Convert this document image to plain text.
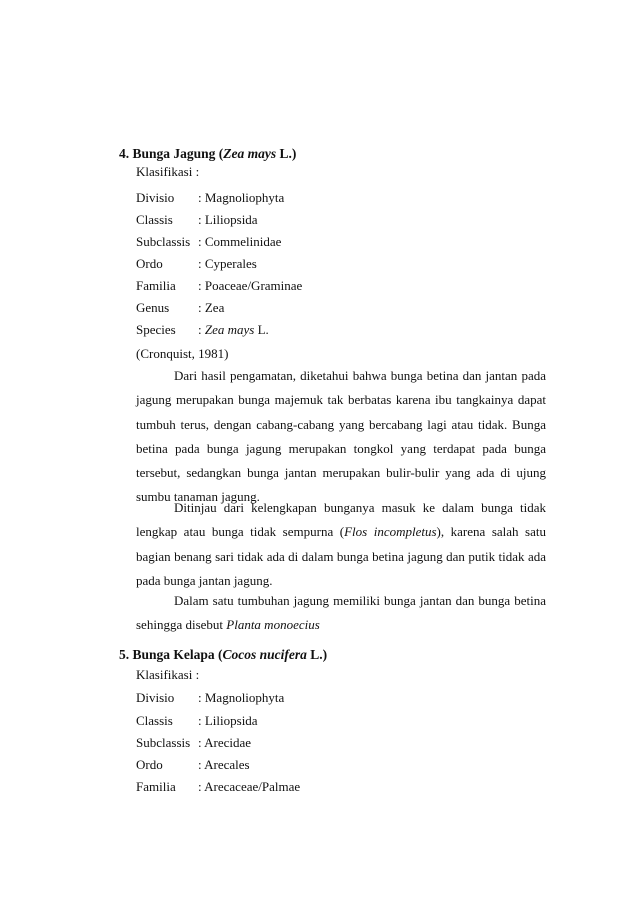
4. Bunga Jagung (Zea mays L.)
Klasifikasi :
Divisio : Magnoliophyta
Classis : Liliopsida
Subclassis : Commelinidae
Ordo	: Cyperales
Familia : Poaceae/Graminae
Genus : Zea
Species : Zea mays L.
(Cronquist, 1981)

Dari hasil pengamatan, diketahui bahwa bunga betina dan jantan pada jagung merupakan bunga majemuk tak berbatas karena ibu tangkainya dapat tumbuh terus, dengan cabang-cabang yang bercabang lagi atau tidak. Bunga betina pada bunga jagung merupakan tongkol yang terdapat pada bunga tersebut, sedangkan bunga jantan merupakan bulir-bulir yang ada di ujung sumbu tanaman jagung.

Ditinjau dari kelengkapan bunganya masuk ke dalam bunga tidak lengkap atau bunga tidak sempurna (Flos incompletus), karena salah satu bagian benang sari tidak ada di dalam bunga betina jagung dan putik tidak ada pada bunga jantan jagung.

Dalam satu tumbuhan jagung memiliki bunga jantan dan bunga betina sehingga disebut Planta monoecius

5. Bunga Kelapa (Cocos nucifera L.)
Klasifikasi :
Divisio : Magnoliophyta
Classis : Liliopsida
Subclassis : Arecidae
Ordo	: Arecales
Familia : Arecaceae/Palmae
